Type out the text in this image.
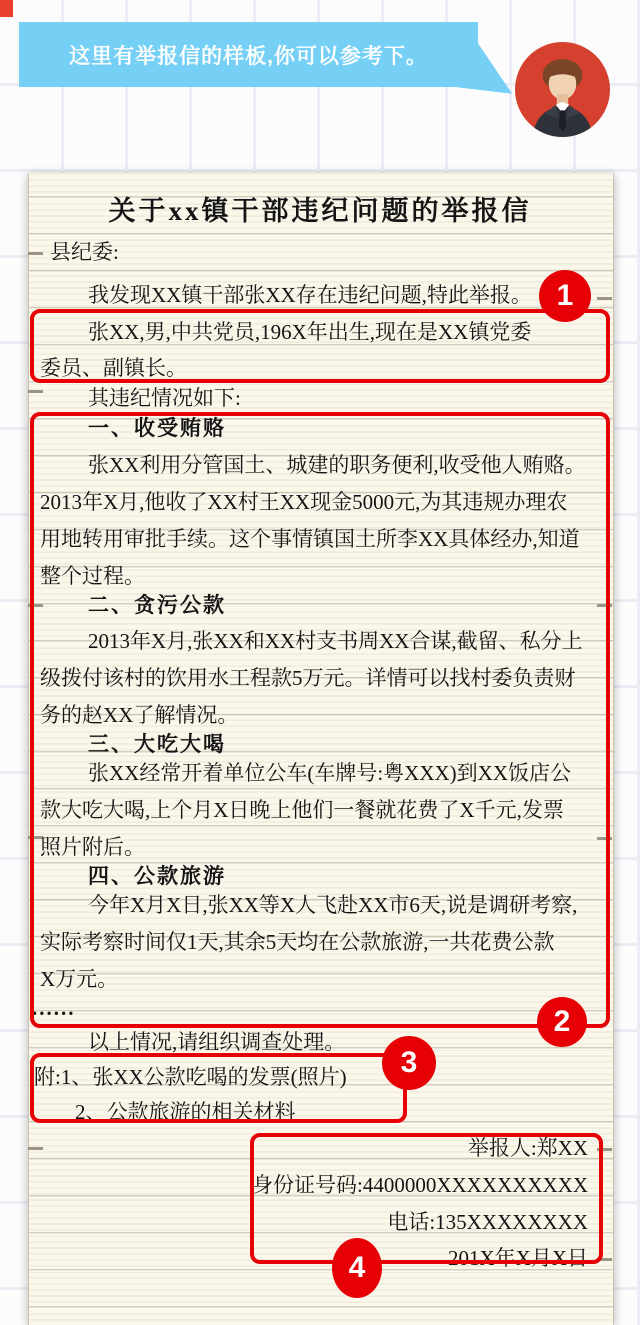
这里有举报信的样板,你可以参考下。
关于xx镇干部违纪问题的举报信
县纪委:
我发现XX镇干部张XX存在违纪问题,特此举报。
张XX,男,中共党员,196X年出生,现在是XX镇党委
委员、副镇长。
其违纪情况如下:
一、收受贿赂
张XX利用分管国土、城建的职务便利,收受他人贿赂。
2013年X月,他收了XX村王XX现金5000元,为其违规办理农
用地转用审批手续。这个事情镇国土所李XX具体经办,知道
整个过程。
二、贪污公款
2013年X月,张XX和XX村支书周XX合谋,截留、私分上
级拨付该村的饮用水工程款5万元。详情可以找村委负责财
务的赵XX了解情况。
三、大吃大喝
张XX经常开着单位公车(车牌号:粤XXX)到XX饭店公
款大吃大喝,上个月X日晚上他们一餐就花费了X千元,发票
照片附后。
四、公款旅游
今年X月X日,张XX等X人飞赴XX市6天,说是调研考察,
实际考察时间仅1天,其余5天均在公款旅游,一共花费公款
X万元。
......
以上情况,请组织调查处理。
附:1、张XX公款吃喝的发票(照片)
2、公款旅游的相关材料
举报人:郑XX
身份证号码:4400000XXXXXXXXXX
电话:135XXXXXXXX
201X年X月X日
1
2
3
4
